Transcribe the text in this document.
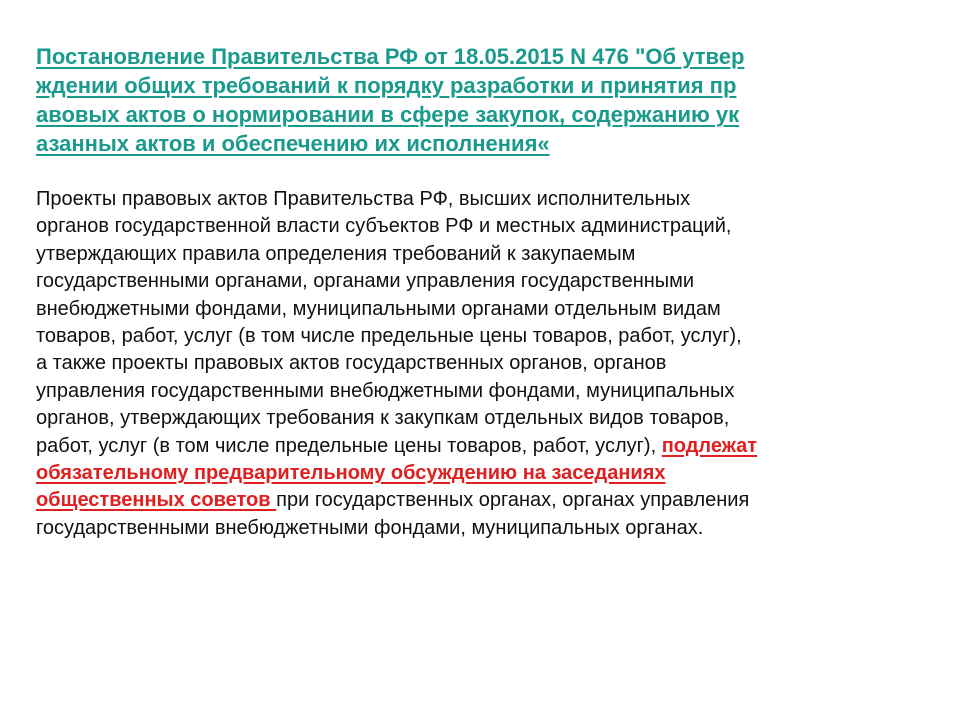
Постановление Правительства РФ от 18.05.2015 N 476 "Об утвер
ждении общих требований к порядку разработки и принятия пр
авовых актов о нормировании в сфере закупок, содержанию ук
азанных актов и обеспечению их исполнения«
Проекты правовых актов Правительства РФ, высших исполнительных
органов государственной власти субъектов РФ и местных администраций,
утверждающих правила определения требований к закупаемым
государственными органами, органами управления государственными
внебюджетными фондами, муниципальными органами отдельным видам
товаров, работ, услуг (в том числе предельные цены товаров, работ, услуг),
а также проекты правовых актов государственных органов, органов
управления государственными внебюджетными фондами, муниципальных
органов, утверждающих требования к закупкам отдельных видов товаров,
работ, услуг (в том числе предельные цены товаров, работ, услуг), подлежат
обязательному предварительному обсуждению на заседаниях
общественных советов при государственных органах, органах управления
государственными внебюджетными фондами, муниципальных органах.
